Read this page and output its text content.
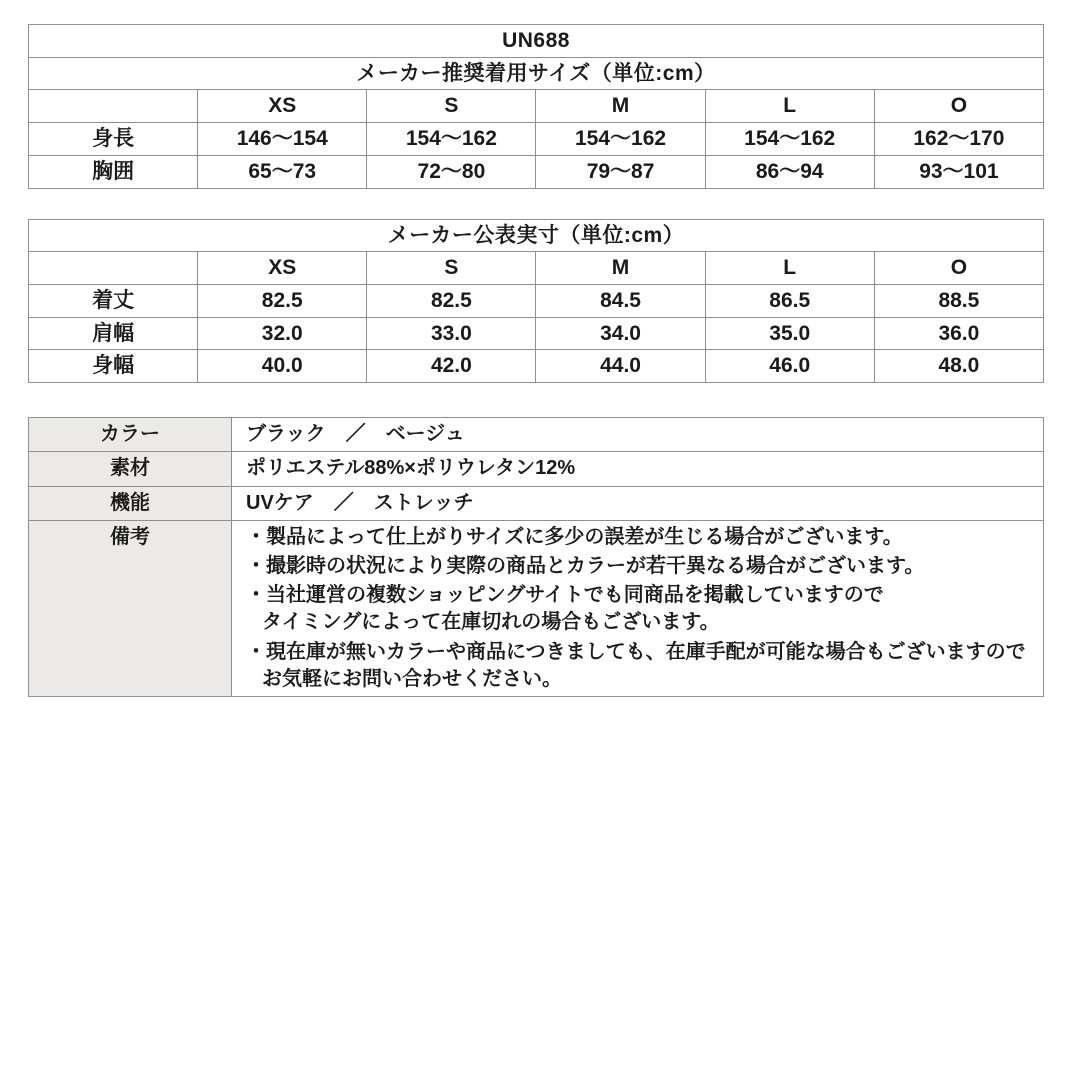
UN688					
メーカー推奨着用サイズ（単位:cm）					
	XS	S	M	L	O
身長	146〜154	154〜162	154〜162	154〜162	162〜170
胸囲	65〜73	72〜80	79〜87	86〜94	93〜101
メーカー公表実寸（単位:cm）					
	XS	S	M	L	O
着丈	82.5	82.5	84.5	86.5	88.5
肩幅	32.0	33.0	34.0	35.0	36.0
身幅	40.0	42.0	44.0	46.0	48.0
カラー	ブラック　／　ベージュ
素材	ポリエステル88%×ポリウレタン12%
機能	UVケア　／　ストレッチ
備考	・製品によって仕上がりサイズに多少の誤差が生じる場合がございます。
・撮影時の状況により実際の商品とカラーが若干異なる場合がございます。
・当社運営の複数ショッピングサイトでも同商品を掲載していますので
タイミングによって在庫切れの場合もございます。
・現在庫が無いカラーや商品につきましても、在庫手配が可能な場合もございますので
お気軽にお問い合わせください。
